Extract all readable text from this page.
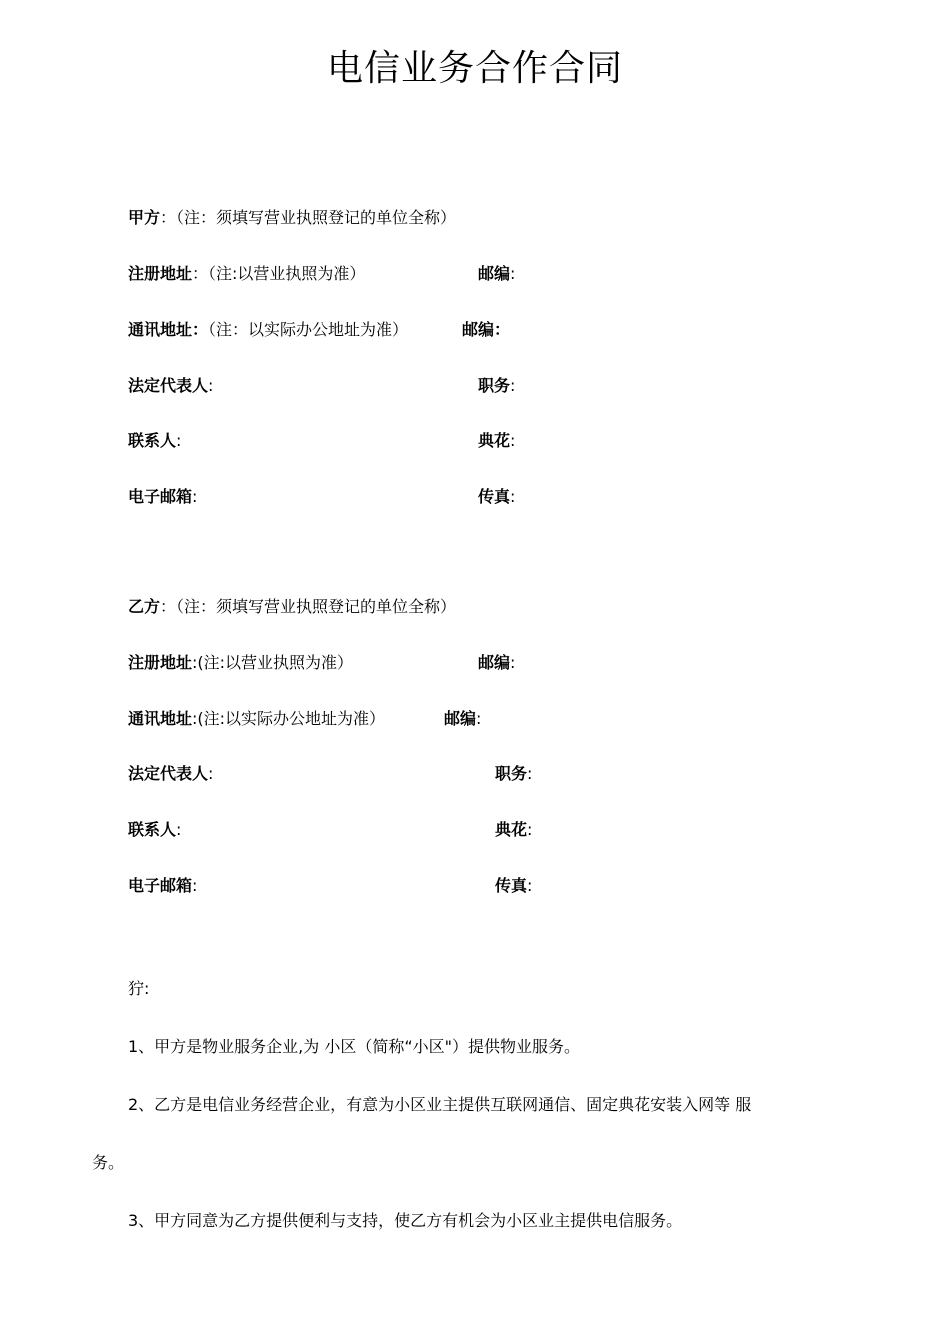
电信业务合作合同
甲方：（注：须填写营业执照登记的单位全称）
注册地址：（注:以营业执照为准）	邮编:
通讯地址：（注：以实际办公地址为准）	邮编：
法定代表人:	职务:
联系人:	典花:
电子邮箱:	传真:
乙方：（注：须填写营业执照登记的单位全称）
注册地址:(注:以营业执照为准）	邮编:
通讯地址:(注:以实际办公地址为准）	邮编:
法定代表人:	职务:
联系人:	典花:
电子邮箱:	传真:
狞:
1、甲方是物业服务企业,为 小区（简称“小区"）提供物业服务。
2、乙方是电信业务经营企业，有意为小区业主提供互联网通信、固定典花安装入网等 服
务。
3、甲方同意为乙方提供便利与支持，使乙方有机会为小区业主提供电信服务。
